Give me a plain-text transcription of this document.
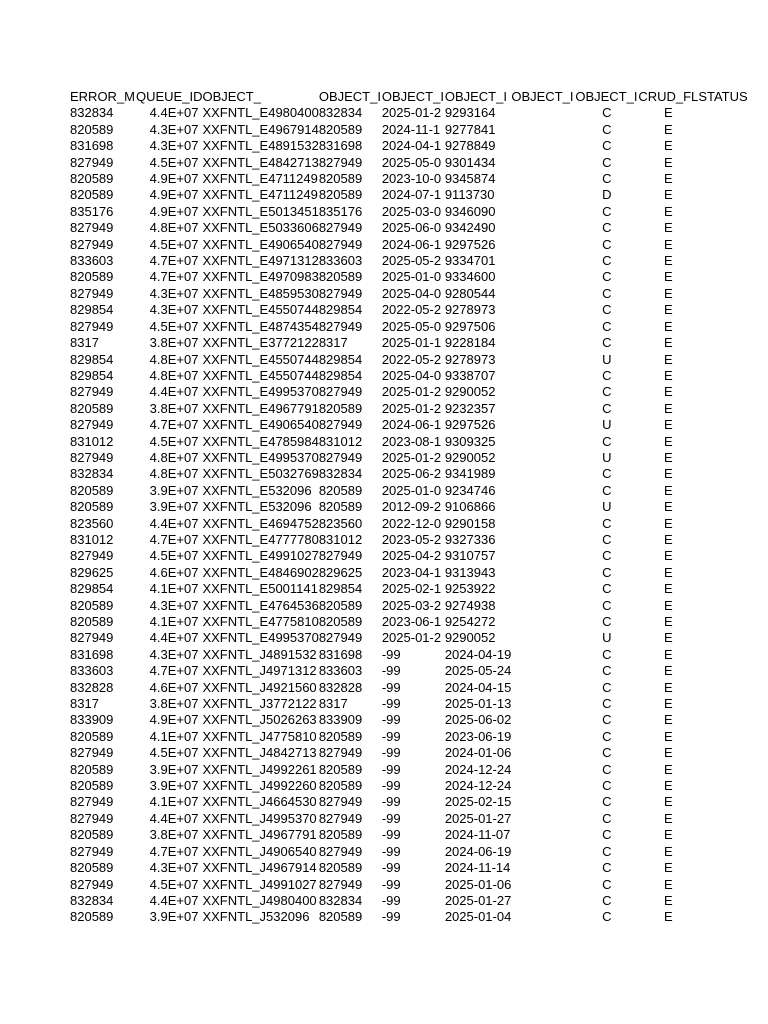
ERROR_M	QUEUE_ID	OBJECT_	OBJECT_I	OBJECT_I	OBJECT_I	OBJECT_I	OBJECT_I	CRUD_FL	STATUS
832834	4.4E+07	XXFNTL_E4980400	832834	2025-01-2	9293164		C	E	
820589	4.3E+07	XXFNTL_E4967914	820589	2024-11-1	9277841		C	E	
831698	4.3E+07	XXFNTL_E4891532	831698	2024-04-1	9278849		C	E	
827949	4.5E+07	XXFNTL_E4842713	827949	2025-05-0	9301434		C	E	
820589	4.9E+07	XXFNTL_E4711249	820589	2023-10-0	9345874		C	E	
820589	4.9E+07	XXFNTL_E4711249	820589	2024-07-1	9113730		D	E	
835176	4.9E+07	XXFNTL_E5013451	835176	2025-03-0	9346090		C	E	
827949	4.8E+07	XXFNTL_E5033606	827949	2025-06-0	9342490		C	E	
827949	4.5E+07	XXFNTL_E4906540	827949	2024-06-1	9297526		C	E	
833603	4.7E+07	XXFNTL_E4971312	833603	2025-05-2	9334701		C	E	
820589	4.7E+07	XXFNTL_E4970983	820589	2025-01-0	9334600		C	E	
827949	4.3E+07	XXFNTL_E4859530	827949	2025-04-0	9280544		C	E	
829854	4.3E+07	XXFNTL_E4550744	829854	2022-05-2	9278973		C	E	
827949	4.5E+07	XXFNTL_E4874354	827949	2025-05-0	9297506		C	E	
8317	3.8E+07	XXFNTL_E3772122	8317	2025-01-1	9228184		C	E	
829854	4.8E+07	XXFNTL_E4550744	829854	2022-05-2	9278973		U	E	
829854	4.8E+07	XXFNTL_E4550744	829854	2025-04-0	9338707		C	E	
827949	4.4E+07	XXFNTL_E4995370	827949	2025-01-2	9290052		C	E	
820589	3.8E+07	XXFNTL_E4967791	820589	2025-01-2	9232357		C	E	
827949	4.7E+07	XXFNTL_E4906540	827949	2024-06-1	9297526		U	E	
831012	4.5E+07	XXFNTL_E4785984	831012	2023-08-1	9309325		C	E	
827949	4.8E+07	XXFNTL_E4995370	827949	2025-01-2	9290052		U	E	
832834	4.8E+07	XXFNTL_E5032769	832834	2025-06-2	9341989		C	E	
820589	3.9E+07	XXFNTL_E532096	820589	2025-01-0	9234746		C	E	
820589	3.9E+07	XXFNTL_E532096	820589	2012-09-2	9106866		U	E	
823560	4.4E+07	XXFNTL_E4694752	823560	2022-12-0	9290158		C	E	
831012	4.7E+07	XXFNTL_E4777780	831012	2023-05-2	9327336		C	E	
827949	4.5E+07	XXFNTL_E4991027	827949	2025-04-2	9310757		C	E	
829625	4.6E+07	XXFNTL_E4846902	829625	2023-04-1	9313943		C	E	
829854	4.1E+07	XXFNTL_E5001141	829854	2025-02-1	9253922		C	E	
820589	4.3E+07	XXFNTL_E4764536	820589	2025-03-2	9274938		C	E	
820589	4.1E+07	XXFNTL_E4775810	820589	2023-06-1	9254272		C	E	
827949	4.4E+07	XXFNTL_E4995370	827949	2025-01-2	9290052		U	E	
831698	4.3E+07	XXFNTL_J4891532	831698	-99	2024-04-19		C	E	
833603	4.7E+07	XXFNTL_J4971312	833603	-99	2025-05-24		C	E	
832828	4.6E+07	XXFNTL_J4921560	832828	-99	2024-04-15		C	E	
8317	3.8E+07	XXFNTL_J3772122	8317	-99	2025-01-13		C	E	
833909	4.9E+07	XXFNTL_J5026263	833909	-99	2025-06-02		C	E	
820589	4.1E+07	XXFNTL_J4775810	820589	-99	2023-06-19		C	E	
827949	4.5E+07	XXFNTL_J4842713	827949	-99	2024-01-06		C	E	
820589	3.9E+07	XXFNTL_J4992261	820589	-99	2024-12-24		C	E	
820589	3.9E+07	XXFNTL_J4992260	820589	-99	2024-12-24		C	E	
827949	4.1E+07	XXFNTL_J4664530	827949	-99	2025-02-15		C	E	
827949	4.4E+07	XXFNTL_J4995370	827949	-99	2025-01-27		C	E	
820589	3.8E+07	XXFNTL_J4967791	820589	-99	2024-11-07		C	E	
827949	4.7E+07	XXFNTL_J4906540	827949	-99	2024-06-19		C	E	
820589	4.3E+07	XXFNTL_J4967914	820589	-99	2024-11-14		C	E	
827949	4.5E+07	XXFNTL_J4991027	827949	-99	2025-01-06		C	E	
832834	4.4E+07	XXFNTL_J4980400	832834	-99	2025-01-27		C	E	
820589	3.9E+07	XXFNTL_J532096	820589	-99	2025-01-04		C	E	
